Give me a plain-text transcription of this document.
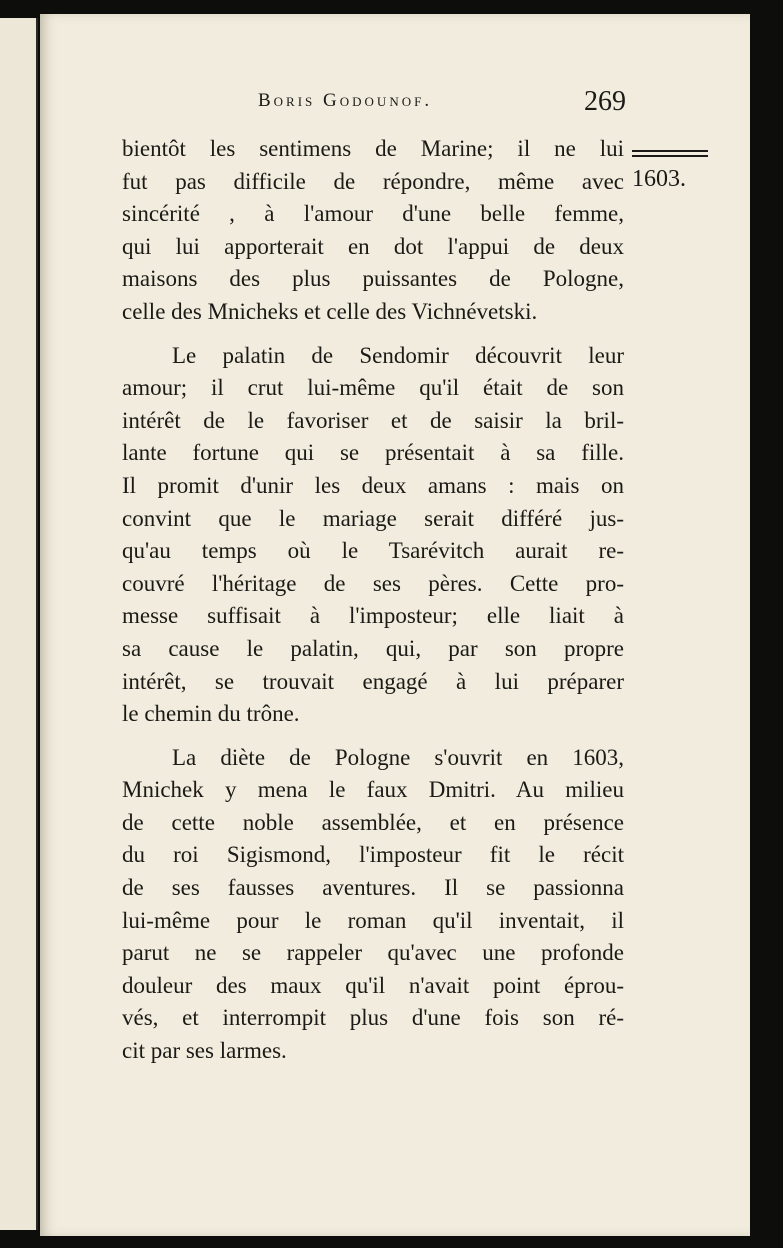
Boris Godounof.	269
1603.
bientôt les sentimens de Marine; il ne lui
fut pas difficile de répondre, même avec
sincérité , à l'amour d'une belle femme,
qui lui apporterait en dot l'appui de deux
maisons des plus puissantes de Pologne,
celle des Mnicheks et celle des Vichnévetski.
Le palatin de Sendomir découvrit leur
amour; il crut lui-même qu'il était de son
intérêt de le favoriser et de saisir la bril-
lante fortune qui se présentait à sa fille.
Il promit d'unir les deux amans : mais on
convint que le mariage serait différé jus-
qu'au temps où le Tsarévitch aurait re-
couvré l'héritage de ses pères. Cette pro-
messe suffisait à l'imposteur; elle liait à
sa cause le palatin, qui, par son propre
intérêt, se trouvait engagé à lui préparer
le chemin du trône.
La diète de Pologne s'ouvrit en 1603,
Mnichek y mena le faux Dmitri. Au milieu
de cette noble assemblée, et en présence
du roi Sigismond, l'imposteur fit le récit
de ses fausses aventures. Il se passionna
lui-même pour le roman qu'il inventait, il
parut ne se rappeler qu'avec une profonde
douleur des maux qu'il n'avait point éprou-
vés, et interrompit plus d'une fois son ré-
cit par ses larmes.
